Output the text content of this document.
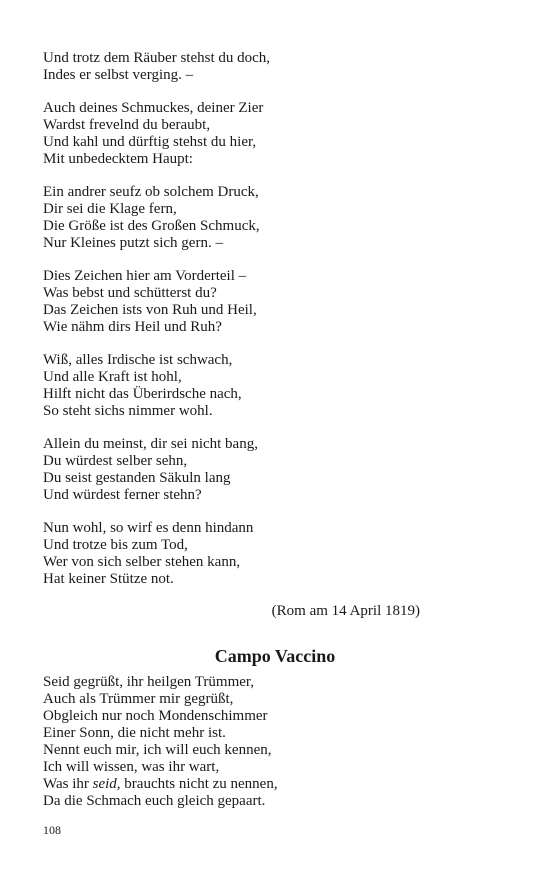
Und trotz dem Räuber stehst du doch,
Indes er selbst verging. –
Auch deines Schmuckes, deiner Zier
Wardst frevelnd du beraubt,
Und kahl und dürftig stehst du hier,
Mit unbedecktem Haupt:
Ein andrer seufz ob solchem Druck,
Dir sei die Klage fern,
Die Größe ist des Großen Schmuck,
Nur Kleines putzt sich gern. –
Dies Zeichen hier am Vorderteil –
Was bebst und schütterst du?
Das Zeichen ists von Ruh und Heil,
Wie nähm dirs Heil und Ruh?
Wiß, alles Irdische ist schwach,
Und alle Kraft ist hohl,
Hilft nicht das Überirdsche nach,
So steht sichs nimmer wohl.
Allein du meinst, dir sei nicht bang,
Du würdest selber sehn,
Du seist gestanden Säkuln lang
Und würdest ferner stehn?
Nun wohl, so wirf es denn hindann
Und trotze bis zum Tod,
Wer von sich selber stehen kann,
Hat keiner Stütze not.
(Rom am 14 April 1819)
Campo Vaccino
Seid gegrüßt, ihr heilgen Trümmer,
Auch als Trümmer mir gegrüßt,
Obgleich nur noch Mondenschimmer
Einer Sonn, die nicht mehr ist.
Nennt euch mir, ich will euch kennen,
Ich will wissen, was ihr wart,
Was ihr seid, brauchts nicht zu nennen,
Da die Schmach euch gleich gepaart.
108
